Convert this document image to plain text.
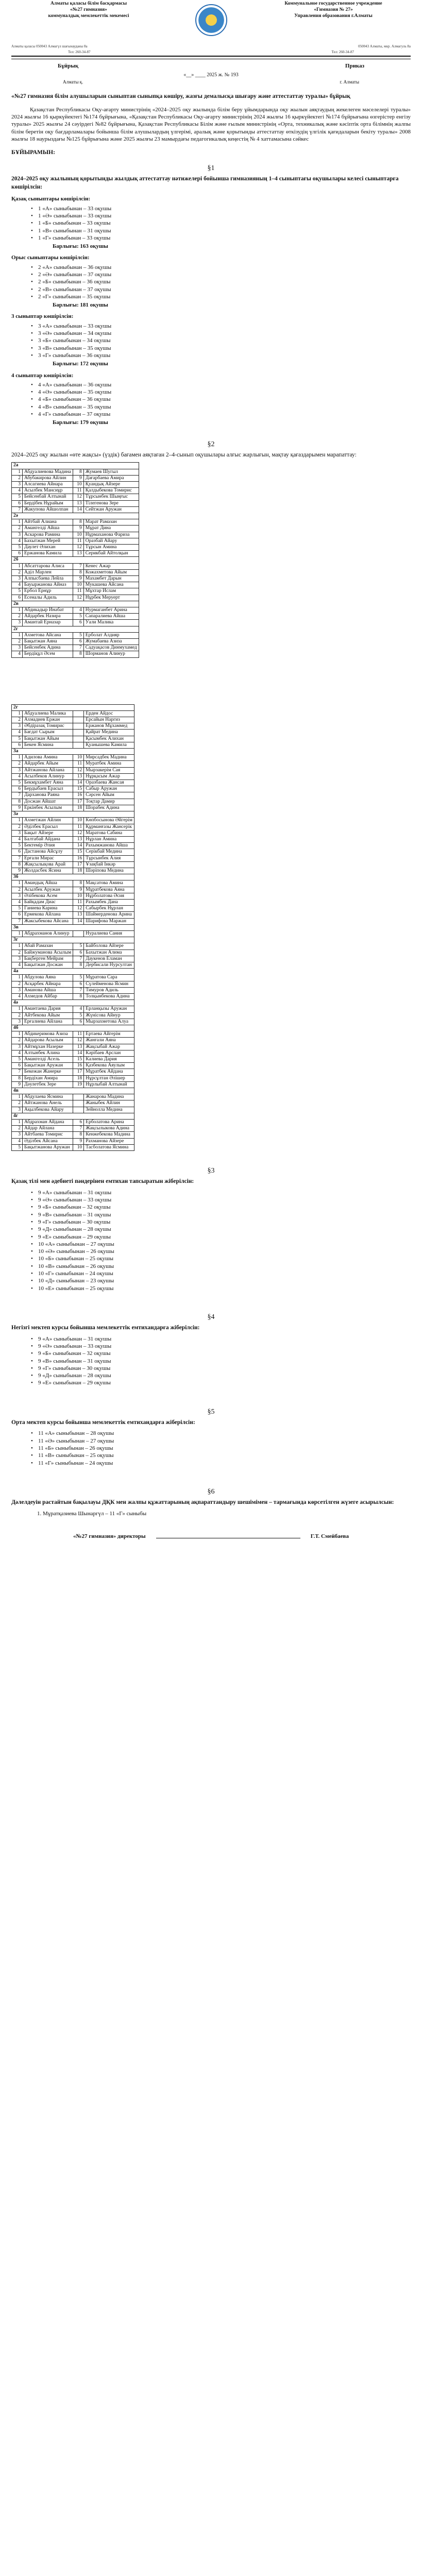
Алматы қаласы білім басқармасы
«№27 гимназия»
коммуналдық мемлекеттік мекемесі
Коммунальное государственное учреждение
«Гимназия № 27»
Управления образования г.Алматы
Алматы қаласы 050043 Алмагүл шағынауданы 8а	050043 Алматы, мкр. Алмагуль 8а
Тел: 260-34-87	Тел: 260-34-87
Бұйрық	Приказ
«__» ____ 2025 ж. № 193
Алматы қ.	г. Алматы
«№27 гимназия білім алушыларын сыныптан сыныпқа көшіру, жазғы демалысқа шығару және аттестаттау туралы» бұйрық

Қазақстан Республикасы Оқу-ағарту министрінің «2024–2025 оқу жылында білім беру ұйымдарында оқу жылын аяқтаудың жекелеген мәселелері туралы» 2024 жылғы 16 қыркүйектегі №174 бұйрығына, «Қазақстан Республикасы Оқу-ағарту министрінің 2024 жылғы 16 қыркүйектегі №174 бұйрығына өзгерістер енгізу туралы» 2025 жылғы 24 сәуірдегі №82 бұйрығына, Қазақстан Республикасы Білім және ғылым министрінің «Орта, техникалық және кәсіптік орта білімнің жалпы білім беретін оқу бағдарламалары бойынша білім алушылардың үлгерімі, аралық және қорытынды аттестаттау өткізудің үлгілік қағидаларын бекіту туралы» 2008 жылғы 18 наурыздағы №125 бұйрығына және 2025 жылғы 23 мамырдағы педагогикалық кеңестің № 4 хаттамасына сәйкес

БҰЙЫРАМЫН:
§1
2024–2025 оқу жылының қорытынды жылдық аттестаттау нәтижелері бойынша гимназияның 1–4 сыныптағы оқушылары келесі сыныптарға көшірілсін:
Қазақ сыныптары көшірілсін:
• 1 «А» сыныбынан – 33 оқушы
• 1 «Ә» сыныбынан – 33 оқушы
• 1 «Б» сыныбынан – 33 оқушы
• 1 «В» сыныбынан – 31 оқушы
• 1 «Г» сыныбынан – 33 оқушы
Барлығы: 163 оқушы
Орыс сыныптары көшірілсін:
• 2 «А» сыныбынан – 36 оқушы
• 2 «Ә» сыныбынан – 37 оқушы
• 2 «Б» сыныбынан – 36 оқушы
• 2 «В» сыныбынан – 37 оқушы
• 2 «Г» сыныбынан – 35 оқушы
Барлығы: 181 оқушы
3 сыныптар көшірілсін:
• 3 «А» сыныбынан – 33 оқушы
• 3 «Ә» сыныбынан – 34 оқушы
• 3 «Б» сыныбынан – 34 оқушы
• 3 «В» сыныбынан – 35 оқушы
• 3 «Г» сыныбынан – 36 оқушы
Барлығы: 172 оқушы
4 сыныптар көшірілсін:
• 4 «А» сыныбынан – 36 оқушы
• 4 «Ә» сыныбынан – 35 оқушы
• 4 «Б» сыныбынан – 36 оқушы
• 4 «В» сыныбынан – 35 оқушы
• 4 «Г» сыныбынан – 37 оқушы
Барлығы: 179 оқушы
§2
2024–2025 оқу жылын «өте жақсы» (үздік) бағамен аяқтаған 2–4-сынып оқушылары алғыс жарлығын, мақтау қағаздарымен марапаттау:
2а			
1	Абдуалиевова Мадина	8	Жумаев Шугыл
2	Абубакирова Айлин	9	Дағарбаева Амира
3	Алсагиева Айнара	10	Қуандық Айзере
4	Асылбек Мансиұр	11	Қалдыбекова Томирис
5	Бейсенбай Алтынай	12	Тұрсынбек Шыңғыс
6	Бердібек Нұрайым	13	Тілегенова Зере
7	Жакупова Айшолпан	14	Сейтжан Аружан
2ә			
1	Айтбай Алиана	8	Марат Рамазан
2	Амангелді Айша	9	Мұрат Дина
3	Аскарова Рамина	10	Нұрмаханова Фариза
4	Бахытжан Мерей	11	Оразбай Айару
5	Даулет Әлихан	12	Тұрсын Амина
6	Ержанова Камила	13	Серикбай Айтолқын
2б			
1	Абсаттарова Алиса	7	Кенес Ажар
2	Аділ Марлен	8	Кожахметова Айым
3	Алпысбаева Лейла	9	Махамбет Дарын
4	Бауыржанова Айназ	10	Мукашева Айсана
5	Ербол Ернұр	11	Мұхтар Ислам
6	Есеналы Адиль	12	Нұрбек Меруерт
2в			
1	Абдикадыр Инабат	4	Нурмаганбет Арина
2	Айдарбек Назира	5	Сапаралиева Айша
3	Амантай Ерназар	6	Уали Малика
2г			
1	Ахметова Айсана	5	Ерболат Алдияр
2	Бақытжан Аяна	6	Жумабаева Азиза
3	Бейсенбек Адина	7	Садуақасов Динмухамед
4	Бердіқұл Әсем	8	Шорманов Алинур
2г			
1	Абдуалиева Малика		Ерден Айдос
2	Ахмадиев Ержан		Ерсайын Наргиз
3	Әбдіразақ Томирис		Ержанов Мұхаммед
4	Бағдат Сырым		Қайрат Медина
5	Бақытжан Айым		Қасымбек Алихан
6	Бекен Ясмина		Қуанышева Камила
3а			
1	Адилова Амина	10	Мирсадбек Мадина
2	Айдарбек Айым	11	Муратбек Амина
3	Айтжанова Айлана	12	Мырзакерім Сая
4	Асылбеков Алинур	13	Нұрқасым Ажар
5	Бекмұхамбет Аяна	14	Оразбаева Жансая
6	Бердыбаев Ерасыл	15	Сабыр Аружан
7	Дарханова Раяна	16	Сәрсен Айым
8	Досжан Айшат	17	Тоқтар Дамир
9	Еркінбек Асылым	18	Шорабек Адина
3ә			
1	Ахметжан Айлин	10	Көпбосынова Әйгерім
2	Әділбек Ерасыл	11	Құрманғазы Жансерік
3	Бақыт Айзере	12	Маратова Сабина
4	Балтабай Айдана	13	Нұрлан Амина
5	Бектемір Әлия	14	Рахымжанова Айша
6	Дастанова Айсұлу	15	Серікбай Медина
7	Ерғали Мирас	16	Тұрсынбек Алия
8	Жақсылықова Арай	17	Ұзақбай Інкәр
9	Жолдасбек Ясина	18	Шәріпова Медина
3б			
1	Амандық Айша	8	Мақсатова Амина
2	Асылбек Аружан	9	Мұратбекова Аяна
3	Әлібекова Асем	10	Нұрболатова Әсия
4	Байқадам Диас	11	Рахымбек Дана
5	Ганиева Карина	12	Сабырбек Нұрлан
6	Ермекова Айлана	13	Шаймерденова Арина
7	Жаксыбекова Айсана	14	Шарифова Маржан
3в			
1	Абдрахманов Алинур		Нуралиева Сания
3г			
1	Абай Рамазан	5	Байболова Айзере
2	Байжуманова Асылым	6	Бахытжан Алима
3	Бақберген Мейрам	7	Даукенов Еламан
4	Бақытжан Досжан	8	Дербисали Нурсултан
4а			
1	Абдулова Аяна	5	Мұратова Сара
2	Асқарбек Айнара	6	Сүлейменова Ясмин
3	Аманова Айша	7	Тимуров Адиль
4	Ахмедов Айбар	8	Толқынбекова Адина
4ә			
1	Амантаева Дария	4	Ерланқызы Аружан
2	Айтбекова Айым	5	Жүнісова Айнур
3	Ерғалиева Айлана	6	Мырзахметова Алуа
4б			
1	Абдикеримова Азиза	11	Ертаева Айгерім
2	Айдарова Асылым	12	Жанғали Аяна
3	Айтмұхан Назерке	13	Жақсыбай Ажар
4	Алтынбек Алина	14	Кәрібаев Арслан
5	Амангелді Асель	15	Калиева Дария
6	Бақытжан Аружан	16	Қазбекова Аяулым
7	Бекежан Жанерке	17	Мұратбек Айдана
8	Бердіхан Амира	18	Нұрсұлтан Әлішер
9	Дәулетбек Зере	19	Нұрлыбай Алтынай
4в			
1	Абдулаева Ясмина		Жанарова Мадина
2	Айтжанова Анель		Жаныбек Айлин
3	Ақылбекова Айару		Зейнолла Медина
4г			
1	Абдрахман Айдана	6	Ерболатова Арина
2	Айдар Айлана	7	Жақсылыкова Адина
3	Айтбаева Томирис	8	Кенжебекова Мадина
4	Әділбек Айсана	9	Рахманова Айзере
5	Бақытжанова Аружан	10	Тасболатова Ясмина
§3
Қазақ тілі мен әдебиеті пәндерінен емтихан тапсыратын жіберілсін:
• 9 «А» сыныбынан – 31 оқушы
• 9 «Ә» сыныбынан – 33 оқушы
• 9 «Б» сыныбынан – 32 оқушы
• 9 «В» сыныбынан – 31 оқушы
• 9 «Г» сыныбынан – 30 оқушы
• 9 «Д» сыныбынан – 28 оқушы
• 9 «Е» сыныбынан – 29 оқушы
• 10 «А» сыныбынан – 27 оқушы
• 10 «Ә» сыныбынан – 26 оқушы
• 10 «Б» сыныбынан – 25 оқушы
• 10 «В» сыныбынан – 26 оқушы
• 10 «Г» сыныбынан – 24 оқушы
• 10 «Д» сыныбынан – 23 оқушы
• 10 «Е» сыныбынан – 25 оқушы
§4
Негізгі мектеп курсы бойынша мемлекеттік емтихандарға жіберілсін:
• 9 «А» сыныбынан – 31 оқушы
• 9 «Ә» сыныбынан – 33 оқушы
• 9 «Б» сыныбынан – 32 оқушы
• 9 «В» сыныбынан – 31 оқушы
• 9 «Г» сыныбынан – 30 оқушы
• 9 «Д» сыныбынан – 28 оқушы
• 9 «Е» сыныбынан – 29 оқушы
§5
Орта мектеп курсы бойынша мемлекеттік емтихандарға жіберілсін:
• 11 «А» сыныбынан – 28 оқушы
• 11 «Ә» сыныбынан – 27 оқушы
• 11 «Б» сыныбынан – 26 оқушы
• 11 «В» сыныбынан – 25 оқушы
• 11 «Г» сыныбынан – 24 оқушы
§6
Дәлелдеуін растайтын бақылауы ДҚК мен жалпы құжаттарының ақпараттандыру шешімімен – тармағында көрсетілген жүзеге асырылсын:

1. Мұратқазиева Шынаргүл – 11 «Г» сыныбы

«№27 гимназия» директоры	Г.Т. Смейбаева
